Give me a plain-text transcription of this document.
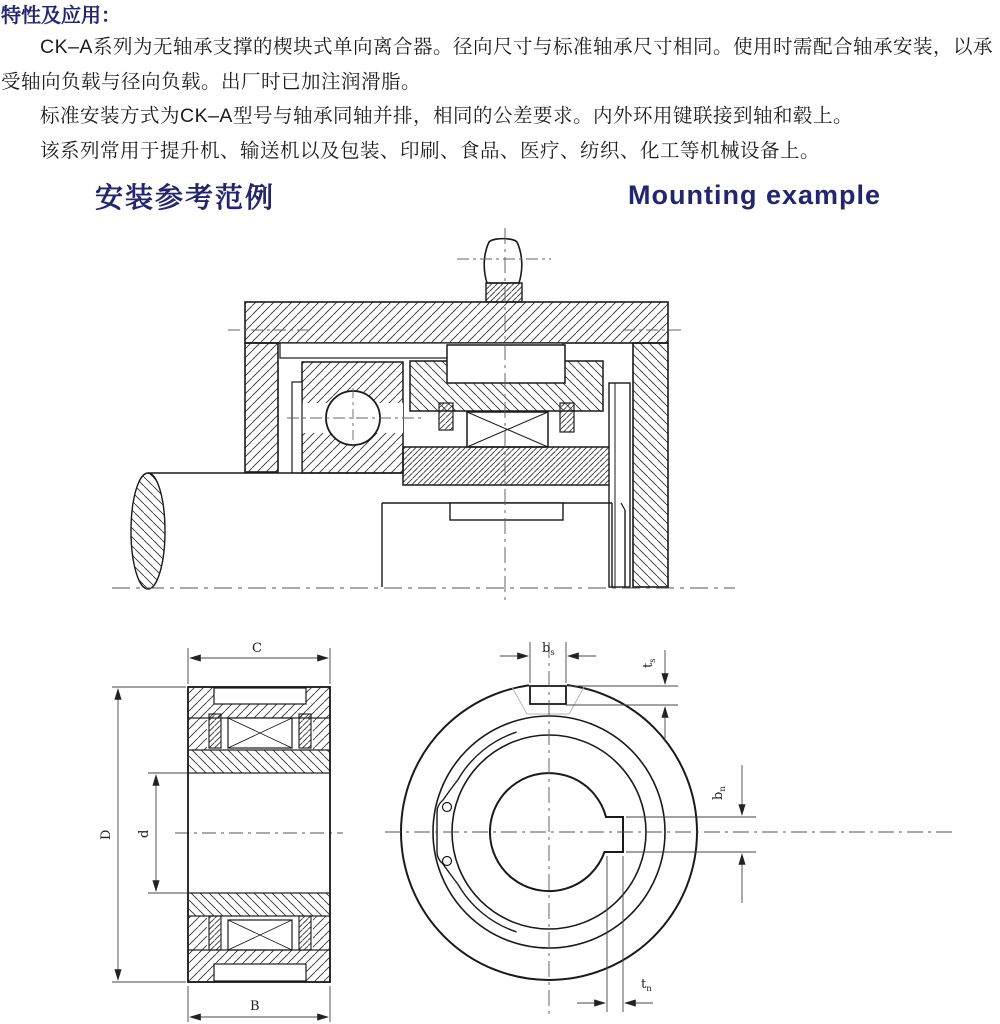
特性及应用：

CK–A系列为无轴承支撑的楔块式单向离合器。径向尺寸与标准轴承尺寸相同。使用时需配合轴承安装，以承受轴向负载与径向负载。出厂时已加注润滑脂。

标准安装方式为CK–A型号与轴承同轴并排，相同的公差要求。内外环用键联接到轴和毂上。

该系列常用于提升机、输送机以及包装、印刷、食品、医疗、纺织、化工等机械设备上。

安装参考范例	Mounting example
C
D d
B
$b_s$
$t_s$
$b_n$
$t_n$
